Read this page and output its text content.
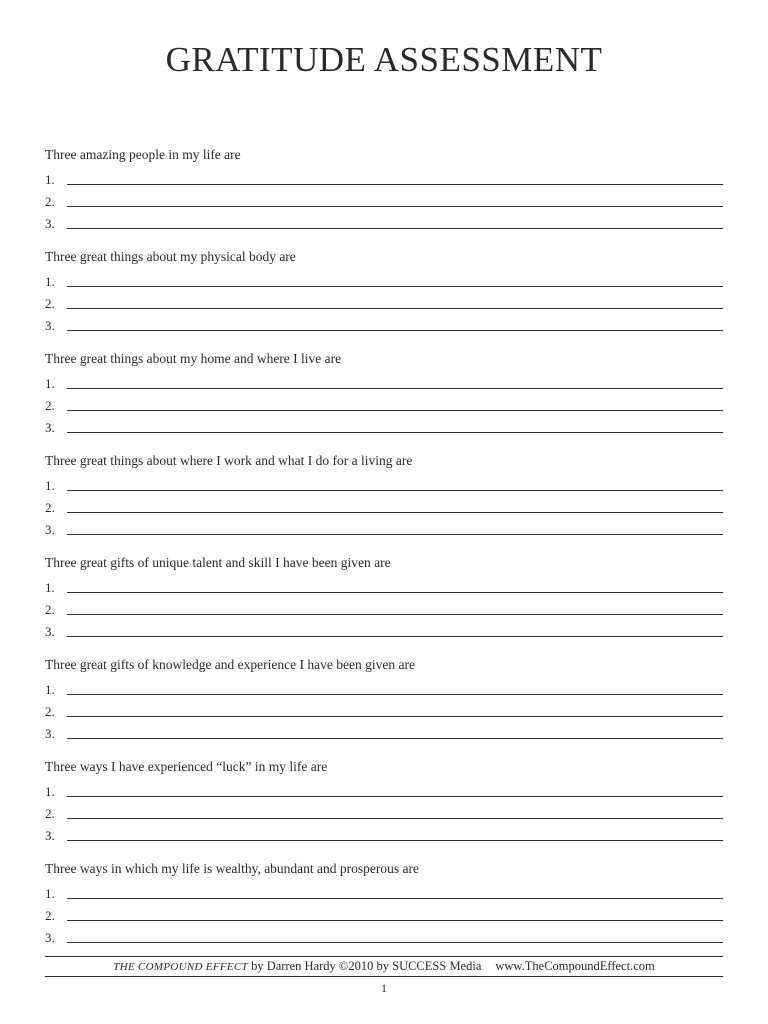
GRATITUDE ASSESSMENT
Three amazing people in my life are
1.
2.
3.
Three great things about my physical body are
1.
2.
3.
Three great things about my home and where I live are
1.
2.
3.
Three great things about where I work and what I do for a living are
1.
2.
3.
Three great gifts of unique talent and skill I have been given are
1.
2.
3.
Three great gifts of knowledge and experience I have been given are
1.
2.
3.
Three ways I have experienced “luck” in my life are
1.
2.
3.
Three ways in which my life is wealthy, abundant and prosperous are
1.
2.
3.
THE COMPOUND EFFECT by Darren Hardy ©2010 by SUCCESS Media www.TheCompoundEffect.com
1
